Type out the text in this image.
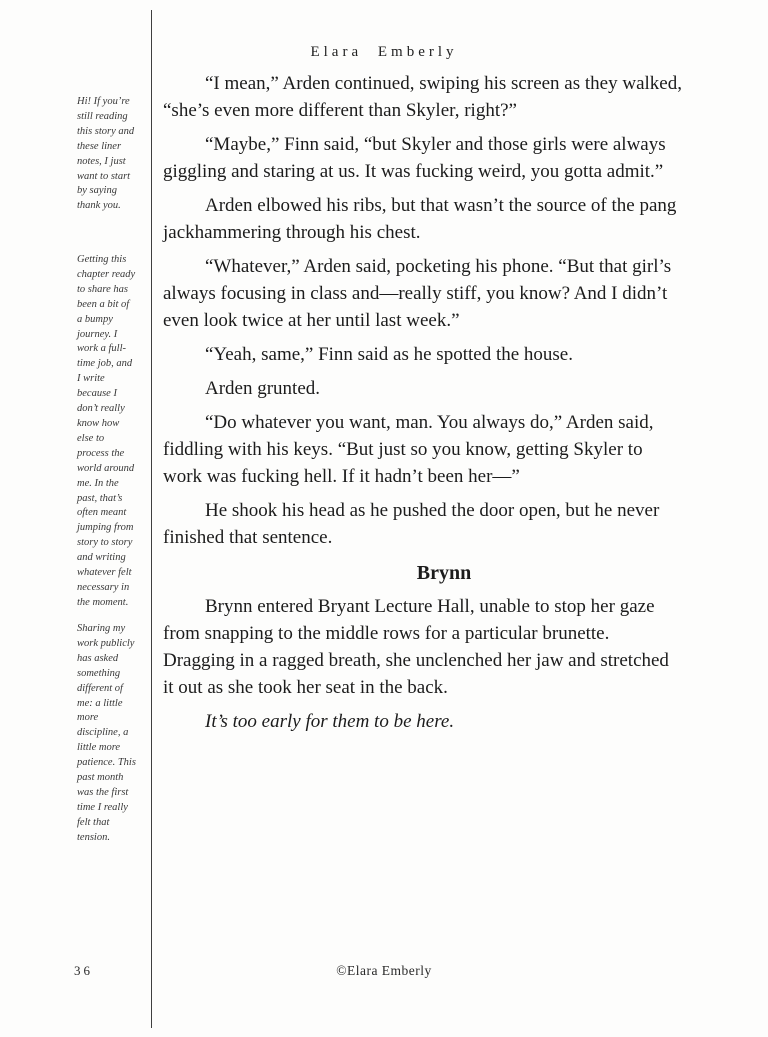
Elara Emberly
Hi! If you’re still reading this story and these liner notes, I just want to start by saying thank you.
Getting this chapter ready to share has been a bit of a bumpy journey. I work a full-time job, and I write because I don’t really know how else to process the world around me. In the past, that’s often meant jumping from story to story and writing whatever felt necessary in the moment.
Sharing my work publicly has asked something different of me: a little more discipline, a little more patience. This past month was the first time I really felt that tension.

“I mean,” Arden continued, swiping his screen as they walked, “she’s even more different than Skyler, right?”

“Maybe,” Finn said, “but Skyler and those girls were always giggling and staring at us. It was fucking weird, you gotta admit.”

Arden elbowed his ribs, but that wasn’t the source of the pang jackhammering through his chest.

“Whatever,” Arden said, pocketing his phone. “But that girl’s always focusing in class and—really stiff, you know? And I didn’t even look twice at her until last week.”

“Yeah, same,” Finn said as he spotted the house.

Arden grunted.

“Do whatever you want, man. You always do,” Arden said, fiddling with his keys. “But just so you know, getting Skyler to work was fucking hell. If it hadn’t been her—”

He shook his head as he pushed the door open, but he never finished that sentence.

Brynn

Brynn entered Bryant Lecture Hall, unable to stop her gaze from snapping to the middle rows for a particular brunette. Dragging in a ragged breath, she unclenched her jaw and stretched it out as she took her seat in the back.

It’s too early for them to be here.

36	©Elara Emberly
